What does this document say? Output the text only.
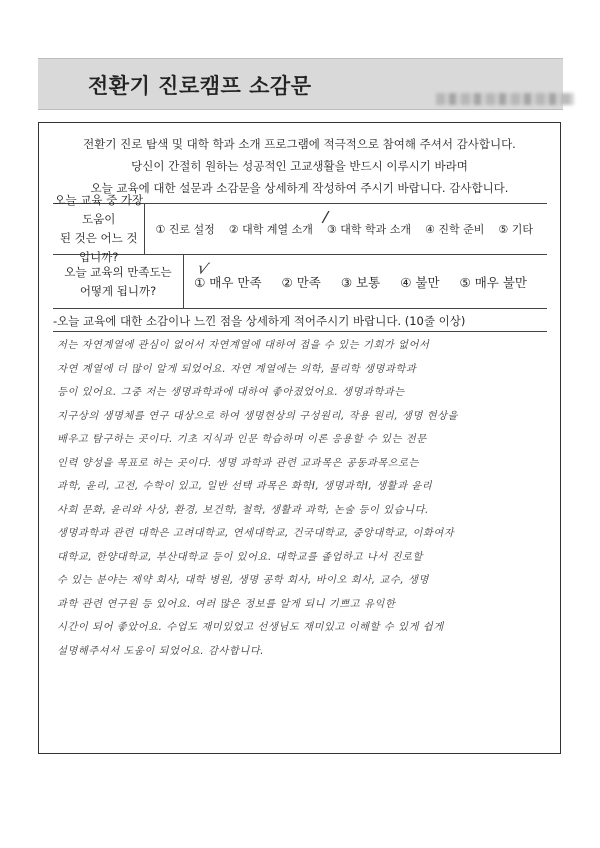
전환기 진로캠프 소감문
전환기 진로 탐색 및 대학 학과 소개 프로그램에 적극적으로 참여해 주셔서 감사합니다.
당신이 간절히 원하는 성공적인 고교생활을 반드시 이루시기 바라며
오늘 교육에 대한 설문과 소감문을 상세하게 작성하여 주시기 바랍니다. 감사합니다.
오늘 교육 중 가장 도움이
된 것은 어느 것 입니까?
① 진로 설정 ② 대학 계열 소개 ③ 대학 학과 소개 ④ 진학 준비 ⑤ 기타
/
오늘 교육의 만족도는
어떻게 됩니까?
① 매우 만족 ② 만족 ③ 보통 ④ 불만 ⑤ 매우 불만
√
-오늘 교육에 대한 소감이나 느낀 점을 상세하게 적어주시기 바랍니다. (10줄 이상)
저는 자연계열에 관심이 없어서 자연계열에 대하여 접을 수 있는 기회가 없어서
자연 계열에 더 많이 알게 되었어요. 자연 계열에는 의학, 물리학 생명과학과
등이 있어요. 그중 저는 생명과학과에 대하여 좋아졌었어요. 생명과학과는
지구상의 생명체를 연구 대상으로 하여 생명현상의 구성원리, 작용 원리, 생명 현상을
배우고 탐구하는 곳이다. 기초 지식과 인문 학습하며 이론 응용할 수 있는 전문
인력 양성을 목표로 하는 곳이다. 생명 과학과 관련 교과목은 공동과목으로는
과학, 윤리, 고전, 수학이 있고, 일반 선택 과목은 화학Ⅰ, 생명과학Ⅰ, 생활과 윤리
사회 문화, 윤리와 사상, 환경, 보건학, 철학, 생활과 과학, 논술 등이 있습니다.
생명과학과 관련 대학은 고려대학교, 연세대학교, 건국대학교, 중앙대학교, 이화여자
대학교, 한양대학교, 부산대학교 등이 있어요. 대학교를 졸업하고 나서 진로할
수 있는 분야는 제약 회사, 대학 병원, 생명 공학 회사, 바이오 회사, 교수, 생명
과학 관련 연구원 등 있어요. 여러 많은 정보를 알게 되니 기쁘고 유익한
시간이 되어 좋았어요. 수업도 재미있었고 선생님도 재미있고 이해할 수 있게 쉽게
설명해주셔서 도움이 되었어요. 감사합니다.
